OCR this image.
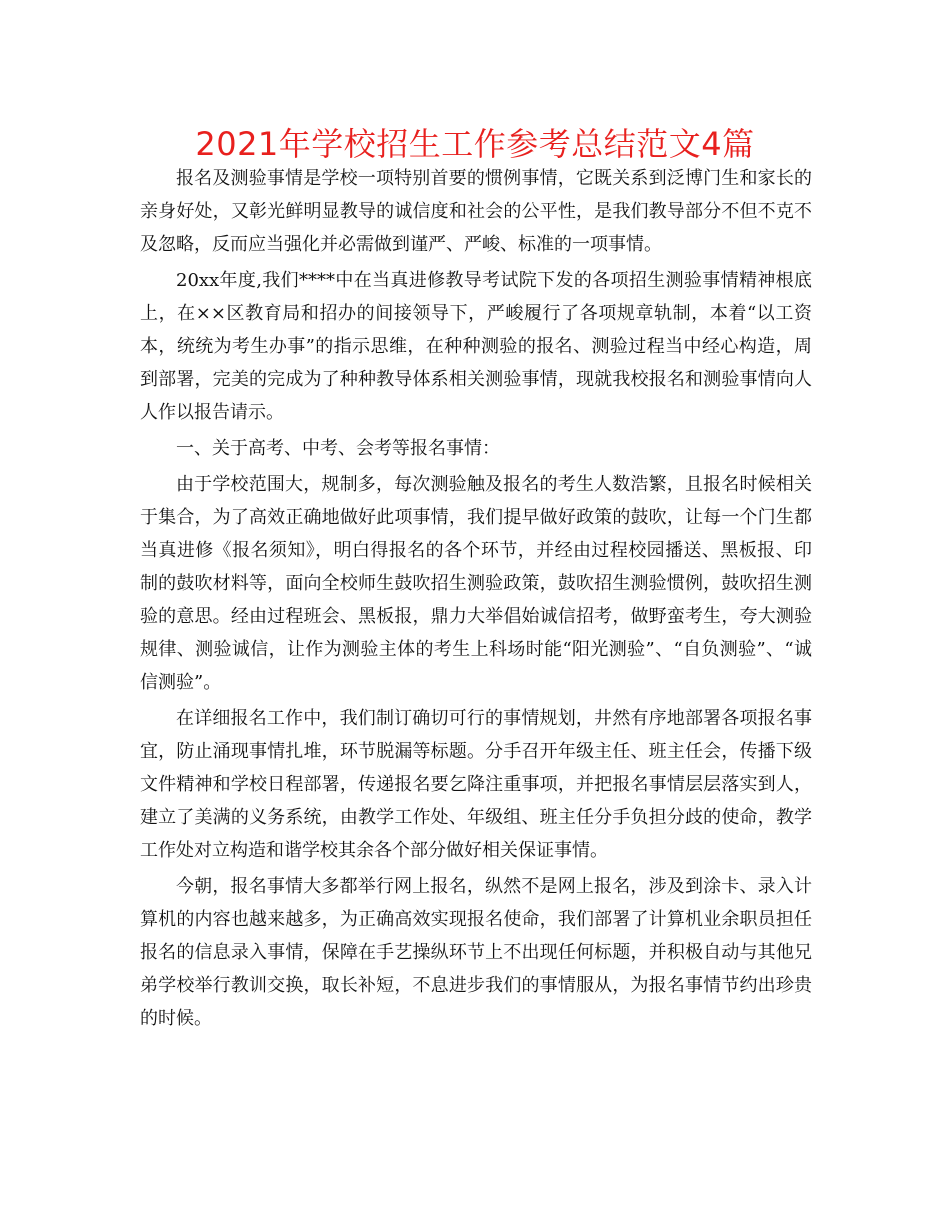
2021年学校招生工作参考总结范文4篇

报名及测验事情是学校一项特别首要的惯例事情，它既关系到泛博门生和家长的亲身好处，又彰光鲜明显教导的诚信度和社会的公平性，是我们教导部分不但不克不及忽略，反而应当强化并必需做到谨严、严峻、标准的一项事情。

20xx年度,我们****中在当真进修教导考试院下发的各项招生测验事情精神根底上，在××区教育局和招办的间接领导下，严峻履行了各项规章轨制，本着“以工资本，统统为考生办事”的指示思维，在种种测验的报名、测验过程当中经心构造，周到部署，完美的完成为了种种教导体系相关测验事情，现就我校报名和测验事情向人人作以报告请示。

一、关于高考、中考、会考等报名事情：

由于学校范围大，规制多，每次测验触及报名的考生人数浩繁，且报名时候相关于集合，为了高效正确地做好此项事情，我们提早做好政策的鼓吹，让每一个门生都当真进修《报名须知》，明白得报名的各个环节，并经由过程校园播送、黑板报、印制的鼓吹材料等，面向全校师生鼓吹招生测验政策，鼓吹招生测验惯例，鼓吹招生测验的意思。经由过程班会、黑板报，鼎力大举倡始诚信招考，做野蛮考生，夸大测验规律、测验诚信，让作为测验主体的考生上科场时能“阳光测验”、“自负测验”、“诚信测验”。

在详细报名工作中，我们制订确切可行的事情规划，井然有序地部署各项报名事宜，防止涌现事情扎堆，环节脱漏等标题。分手召开年级主任、班主任会，传播下级文件精神和学校日程部署，传递报名要乞降注重事项，并把报名事情层层落实到人，建立了美满的义务系统，由教学工作处、年级组、班主任分手负担分歧的使命，教学工作处对立构造和谐学校其余各个部分做好相关保证事情。

今朝，报名事情大多都举行网上报名，纵然不是网上报名，涉及到涂卡、录入计算机的内容也越来越多，为正确高效实现报名使命，我们部署了计算机业余职员担任报名的信息录入事情，保障在手艺操纵环节上不出现任何标题，并积极自动与其他兄弟学校举行教训交换，取长补短，不息进步我们的事情服从，为报名事情节约出珍贵的时候。
